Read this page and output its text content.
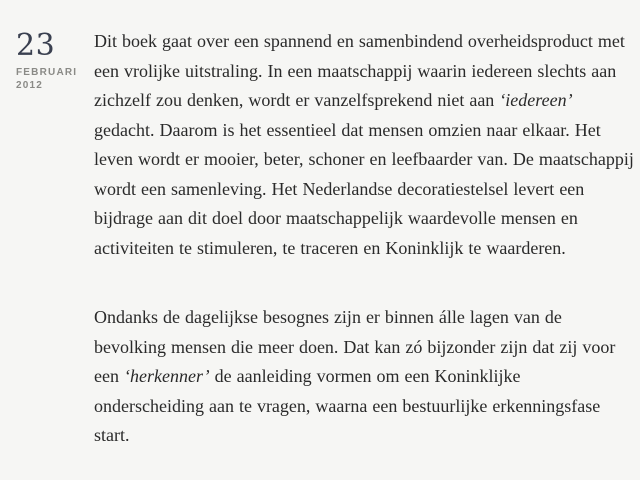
23
FEBRUARI
2012

Dit boek gaat over een spannend en samenbindend overheidsproduct met een vrolijke uitstraling. In een maatschappij waarin iedereen slechts aan zichzelf zou denken, wordt er vanzelfsprekend niet aan ‘iedereen’ gedacht. Daarom is het essentieel dat mensen omzien naar elkaar. Het leven wordt er mooier, beter, schoner en leefbaarder van. De maatschappij wordt een samenleving. Het Nederlandse decoratiestelsel levert een bijdrage aan dit doel door maatschappelijk waardevolle mensen en activiteiten te stimuleren, te traceren en Koninklijk te waarderen.

Ondanks de dagelijkse besognes zijn er binnen álle lagen van de bevolking mensen die meer doen. Dat kan zó bijzonder zijn dat zij voor een ‘herkenner’ de aanleiding vormen om een Koninklijke onderscheiding aan te vragen, waarna een bestuurlijke erkenningsfase start.
